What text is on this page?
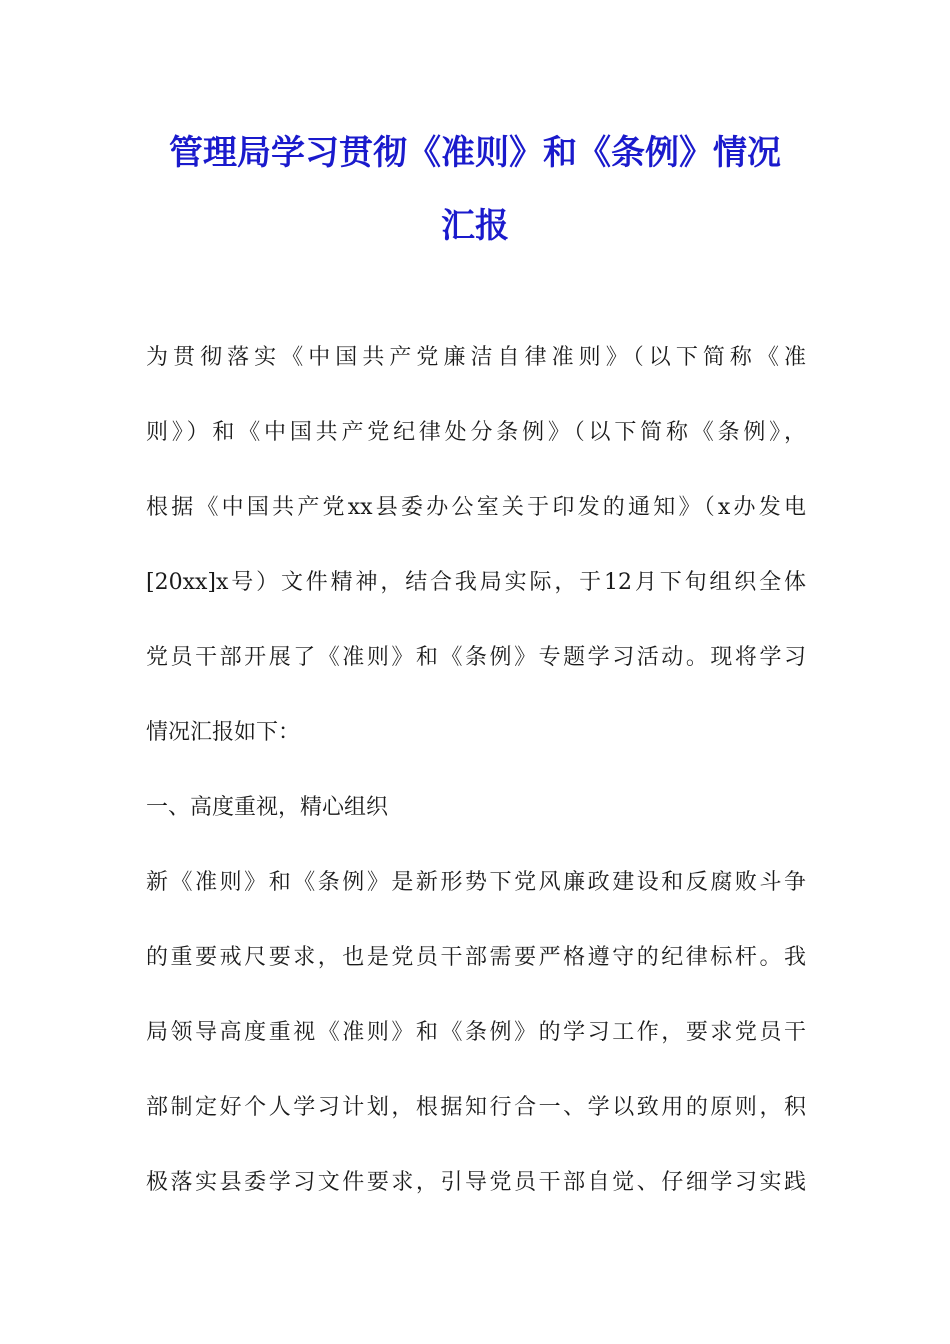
管理局学习贯彻《准则》和《条例》情况
汇报
为贯彻落实《中国共产党廉洁自律准则》（以下简称《准
则》）和《中国共产党纪律处分条例》（以下简称《条例》，
根据《中国共产党xx县委办公室关于印发的通知》（x办发电
[20xx]x号）文件精神，结合我局实际，于12月下旬组织全体
党员干部开展了《准则》和《条例》专题学习活动。现将学习
情况汇报如下：
一、高度重视，精心组织
新《准则》和《条例》是新形势下党风廉政建设和反腐败斗争
的重要戒尺要求，也是党员干部需要严格遵守的纪律标杆。我
局领导高度重视《准则》和《条例》的学习工作，要求党员干
部制定好个人学习计划，根据知行合一、学以致用的原则，积
极落实县委学习文件要求，引导党员干部自觉、仔细学习实践
